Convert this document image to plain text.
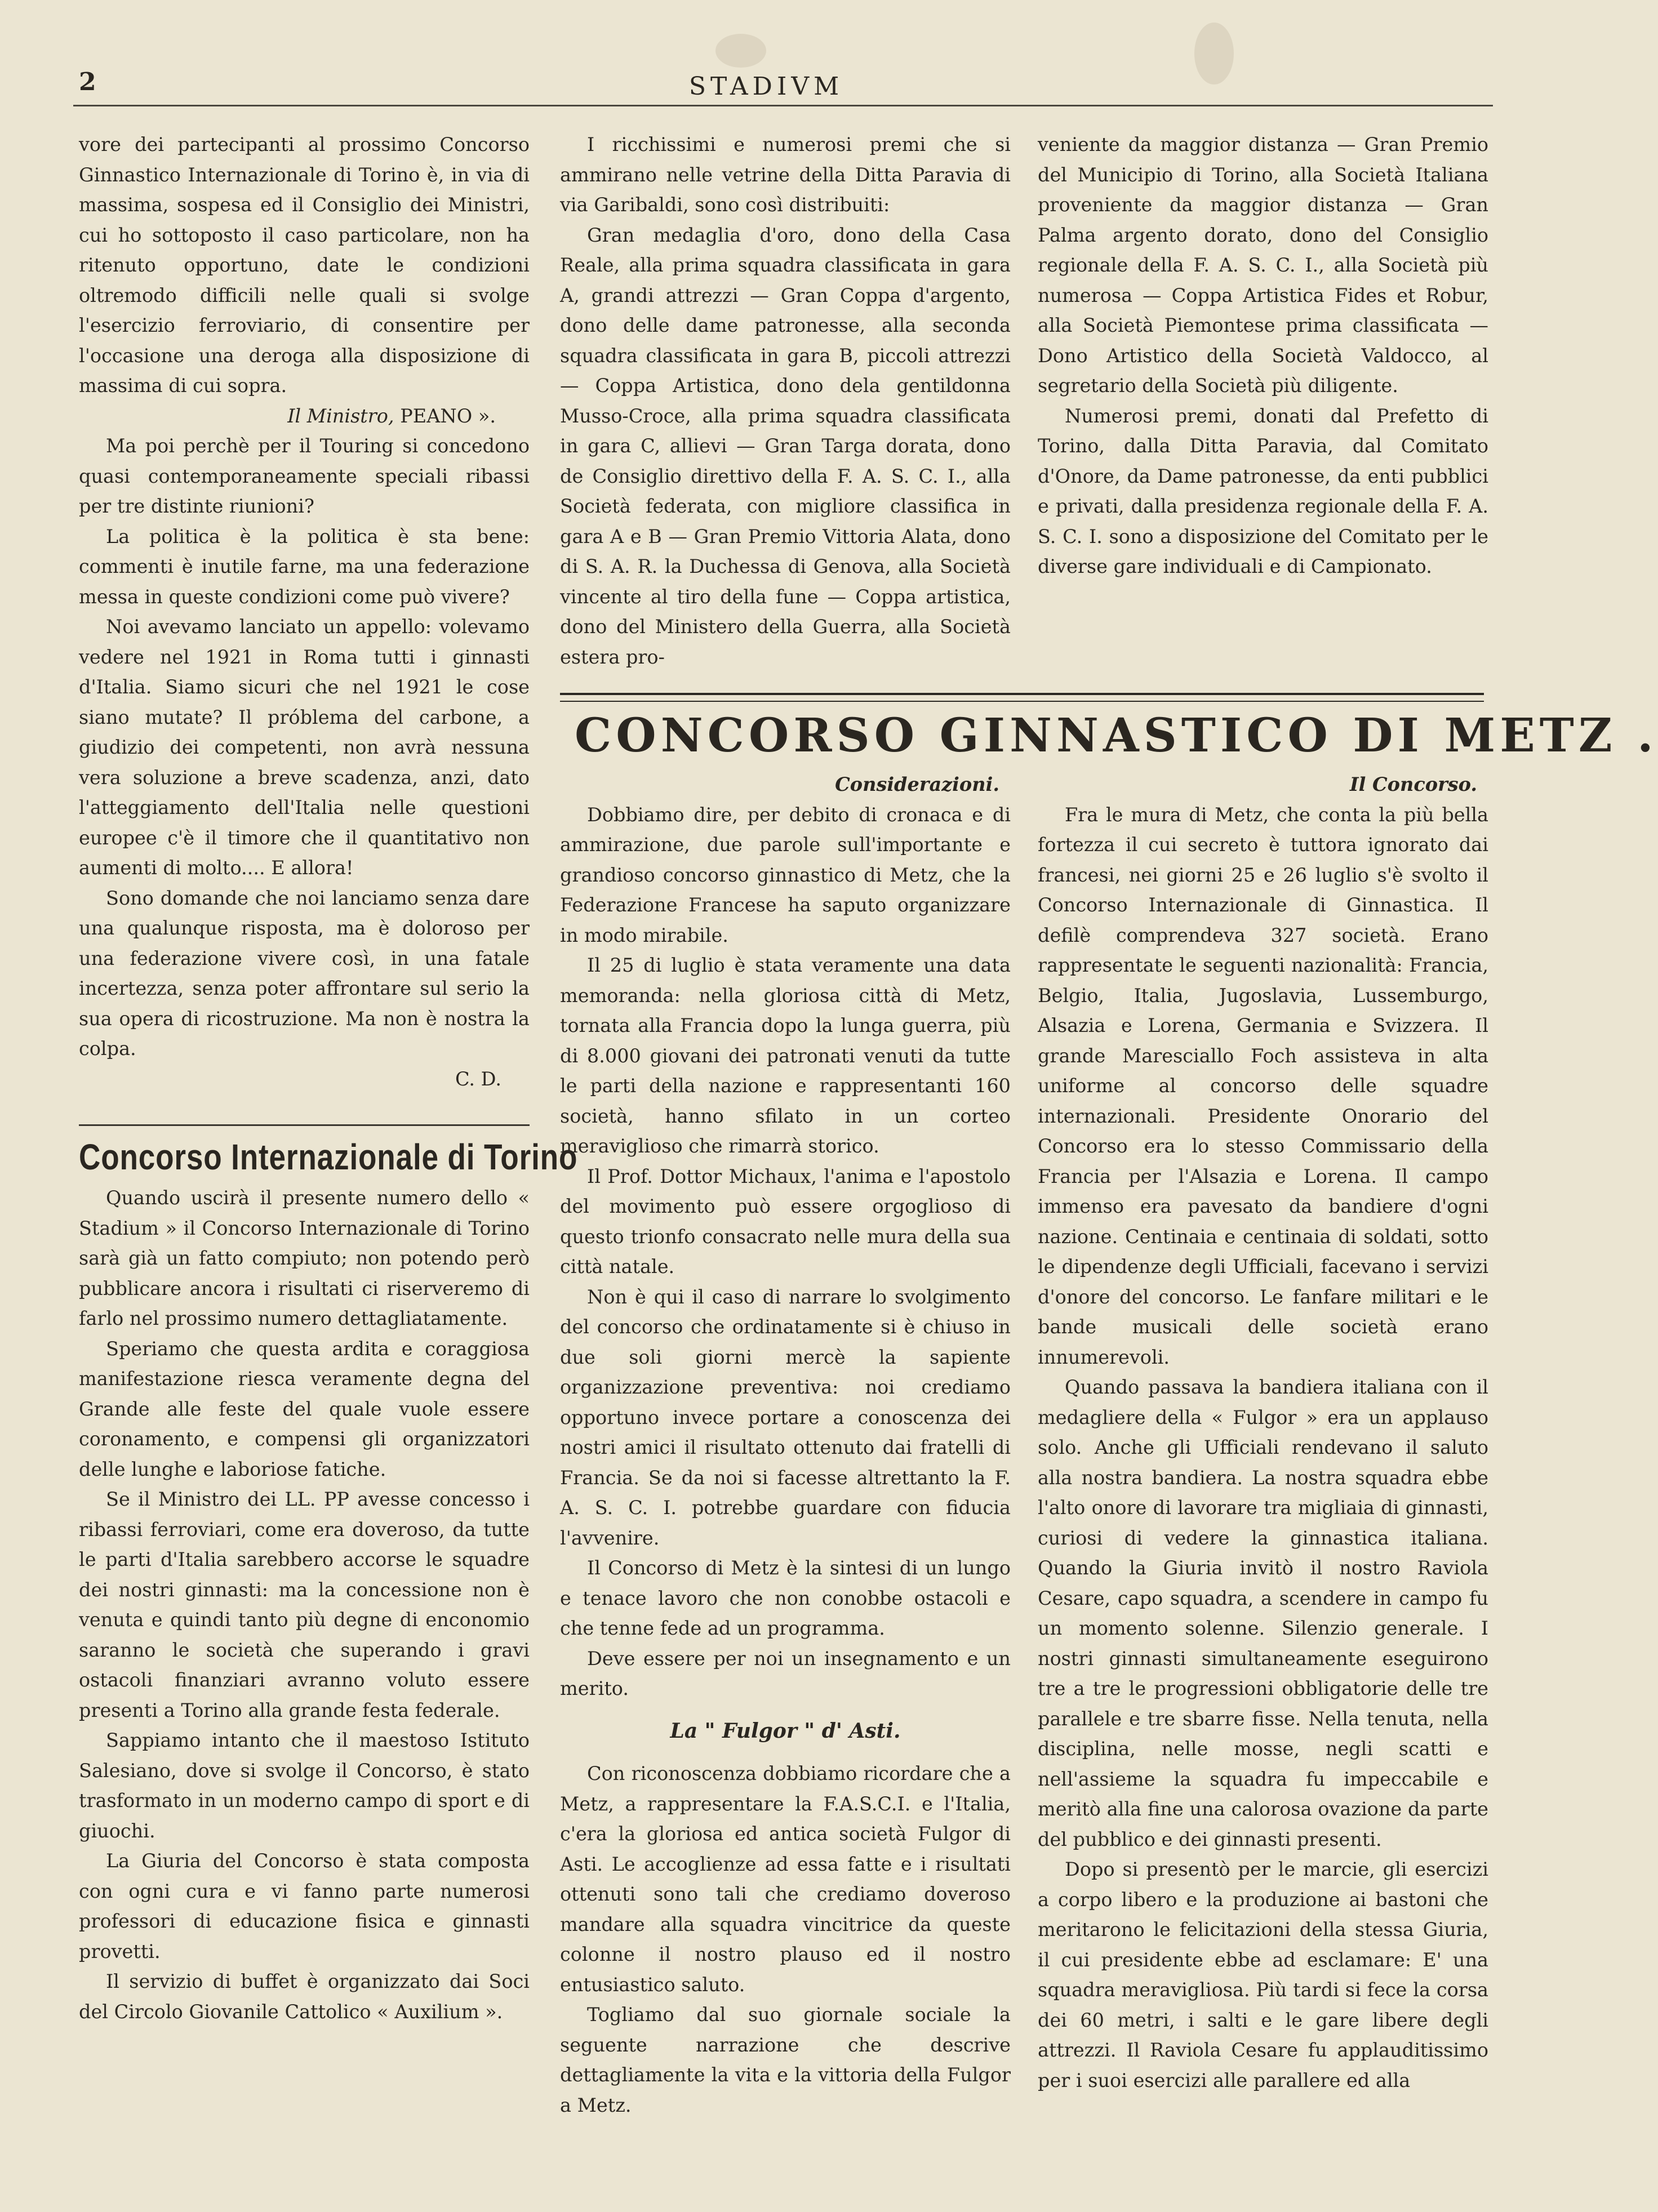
2	STADIVM

vore dei partecipanti al prossimo Concorso Ginnastico Internazionale di Torino è, in via di massima, sospesa ed il Consiglio dei Ministri, cui ho sottoposto il caso particolare, non ha ritenuto opportuno, date le condizioni oltremodo difficili nelle quali si svolge l'esercizio ferroviario, di consentire per l'occasione una deroga alla disposizione di massima di cui sopra.

Il Ministro, PEANO ».

Ma poi perchè per il Touring si concedono quasi contemporaneamente speciali ribassi per tre distinte riunioni?

La politica è la politica è sta bene: commenti è inutile farne, ma una federazione messa in queste condizioni come può vivere?

Noi avevamo lanciato un appello: volevamo vedere nel 1921 in Roma tutti i ginnasti d'Italia. Siamo sicuri che nel 1921 le cose siano mutate? Il próblema del carbone, a giudizio dei competenti, non avrà nessuna vera soluzione a breve scadenza, anzi, dato l'atteggiamento dell'Italia nelle questioni europee c'è il timore che il quantitativo non aumenti di molto.... E allora!

Sono domande che noi lanciamo senza dare una qualunque risposta, ma è doloroso per una federazione vivere così, in una fatale incertezza, senza poter affrontare sul serio la sua opera di ricostruzione. Ma non è nostra la colpa.

C. D.

Concorso Internazionale di Torino

Quando uscirà il presente numero dello « Stadium » il Concorso Internazionale di Torino sarà già un fatto compiuto; non potendo però pubblicare ancora i risultati ci riserveremo di farlo nel prossimo numero dettagliatamente.

Speriamo che questa ardita e coraggiosa manifestazione riesca veramente degna del Grande alle feste del quale vuole essere coronamento, e compensi gli organizzatori delle lunghe e laboriose fatiche.

Se il Ministro dei LL. PP avesse concesso i ribassi ferroviari, come era doveroso, da tutte le parti d'Italia sarebbero accorse le squadre dei nostri ginnasti: ma la concessione non è venuta e quindi tanto più degne di enconomio saranno le società che superando i gravi ostacoli finanziari avranno voluto essere presenti a Torino alla grande festa federale.

Sappiamo intanto che il maestoso Istituto Salesiano, dove si svolge il Concorso, è stato trasformato in un moderno campo di sport e di giuochi.

La Giuria del Concorso è stata composta con ogni cura e vi fanno parte numerosi professori di educazione fisica e ginnasti provetti.

Il servizio di buffet è organizzato dai Soci del Circolo Giovanile Cattolico « Auxilium ».

I ricchissimi e numerosi premi che si ammirano nelle vetrine della Ditta Paravia di via Garibaldi, sono così distribuiti:

Gran medaglia d'oro, dono della Casa Reale, alla prima squadra classificata in gara A, grandi attrezzi — Gran Coppa d'argento, dono delle dame patronesse, alla seconda squadra classificata in gara B, piccoli attrezzi — Coppa Artistica, dono dela gentildonna Musso-Croce, alla prima squadra classificata in gara C, allievi — Gran Targa dorata, dono de Consiglio direttivo della F. A. S. C. I., alla Società federata, con migliore classifica in gara A e B — Gran Premio Vittoria Alata, dono di S. A. R. la Duchessa di Genova, alla Società vincente al tiro della fune — Coppa artistica, dono del Ministero della Guerra, alla Società estera pro-

veniente da maggior distanza — Gran Premio del Municipio di Torino, alla Società Italiana proveniente da maggior distanza — Gran Palma argento dorato, dono del Consiglio regionale della F. A. S. C. I., alla Società più numerosa — Coppa Artistica Fides et Robur, alla Società Piemontese prima classificata — Dono Artistico della Società Valdocco, al segretario della Società più diligente.

Numerosi premi, donati dal Prefetto di Torino, dalla Ditta Paravia, dal Comitato d'Onore, da Dame patronesse, da enti pubblici e privati, dalla presidenza regionale della F. A. S. C. I. sono a disposizione del Comitato per le diverse gare individuali e di Campionato.

CONCORSO GINNASTICO DI METZ .

Considerazioni.

Dobbiamo dire, per debito di cronaca e di ammirazione, due parole sull'importante e grandioso concorso ginnastico di Metz, che la Federazione Francese ha saputo organizzare in modo mirabile.

Il 25 di luglio è stata veramente una data memoranda: nella gloriosa città di Metz, tornata alla Francia dopo la lunga guerra, più di 8.000 giovani dei patronati venuti da tutte le parti della nazione e rappresentanti 160 società, hanno sfilato in un corteo meraviglioso che rimarrà storico.

Il Prof. Dottor Michaux, l'anima e l'apostolo del movimento può essere orgoglioso di questo trionfo consacrato nelle mura della sua città natale.

Non è qui il caso di narrare lo svolgimento del concorso che ordinatamente si è chiuso in due soli giorni mercè la sapiente organizzazione preventiva: noi crediamo opportuno invece portare a conoscenza dei nostri amici il risultato ottenuto dai fratelli di Francia. Se da noi si facesse altrettanto la F. A. S. C. I. potrebbe guardare con fiducia l'avvenire.

Il Concorso di Metz è la sintesi di un lungo e tenace lavoro che non conobbe ostacoli e che tenne fede ad un programma.

Deve essere per noi un insegnamento e un merito.

La " Fulgor " d' Asti.

Con riconoscenza dobbiamo ricordare che a Metz, a rappresentare la F.A.S.C.I. e l'Italia, c'era la gloriosa ed antica società Fulgor di Asti. Le accoglienze ad essa fatte e i risultati ottenuti sono tali che crediamo doveroso mandare alla squadra vincitrice da queste colonne il nostro plauso ed il nostro entusiastico saluto.

Togliamo dal suo giornale sociale la seguente narrazione che descrive dettagliamente la vita e la vittoria della Fulgor a Metz.

Il Concorso.

Fra le mura di Metz, che conta la più bella fortezza il cui secreto è tuttora ignorato dai francesi, nei giorni 25 e 26 luglio s'è svolto il Concorso Internazionale di Ginnastica. Il defilè comprendeva 327 società. Erano rappresentate le seguenti nazionalità: Francia, Belgio, Italia, Jugoslavia, Lussemburgo, Alsazia e Lorena, Germania e Svizzera. Il grande Maresciallo Foch assisteva in alta uniforme al concorso delle squadre internazionali. Presidente Onorario del Concorso era lo stesso Commissario della Francia per l'Alsazia e Lorena. Il campo immenso era pavesato da bandiere d'ogni nazione. Centinaia e centinaia di soldati, sotto le dipendenze degli Ufficiali, facevano i servizi d'onore del concorso. Le fanfare militari e le bande musicali delle società erano innumerevoli.

Quando passava la bandiera italiana con il medagliere della « Fulgor » era un applauso solo. Anche gli Ufficiali rendevano il saluto alla nostra bandiera. La nostra squadra ebbe l'alto onore di lavorare tra migliaia di ginnasti, curiosi di vedere la ginnastica italiana. Quando la Giuria invitò il nostro Raviola Cesare, capo squadra, a scendere in campo fu un momento solenne. Silenzio generale. I nostri ginnasti simultaneamente eseguirono tre a tre le progressioni obbligatorie delle tre parallele e tre sbarre fisse. Nella tenuta, nella disciplina, nelle mosse, negli scatti e nell'assieme la squadra fu impeccabile e meritò alla fine una calorosa ovazione da parte del pubblico e dei ginnasti presenti.

Dopo si presentò per le marcie, gli esercizi a corpo libero e la produzione ai bastoni che meritarono le felicitazioni della stessa Giuria, il cui presidente ebbe ad esclamare: E' una squadra meravigliosa. Più tardi si fece la corsa dei 60 metri, i salti e le gare libere degli attrezzi. Il Raviola Cesare fu applauditissimo per i suoi esercizi alle parallere ed alla
